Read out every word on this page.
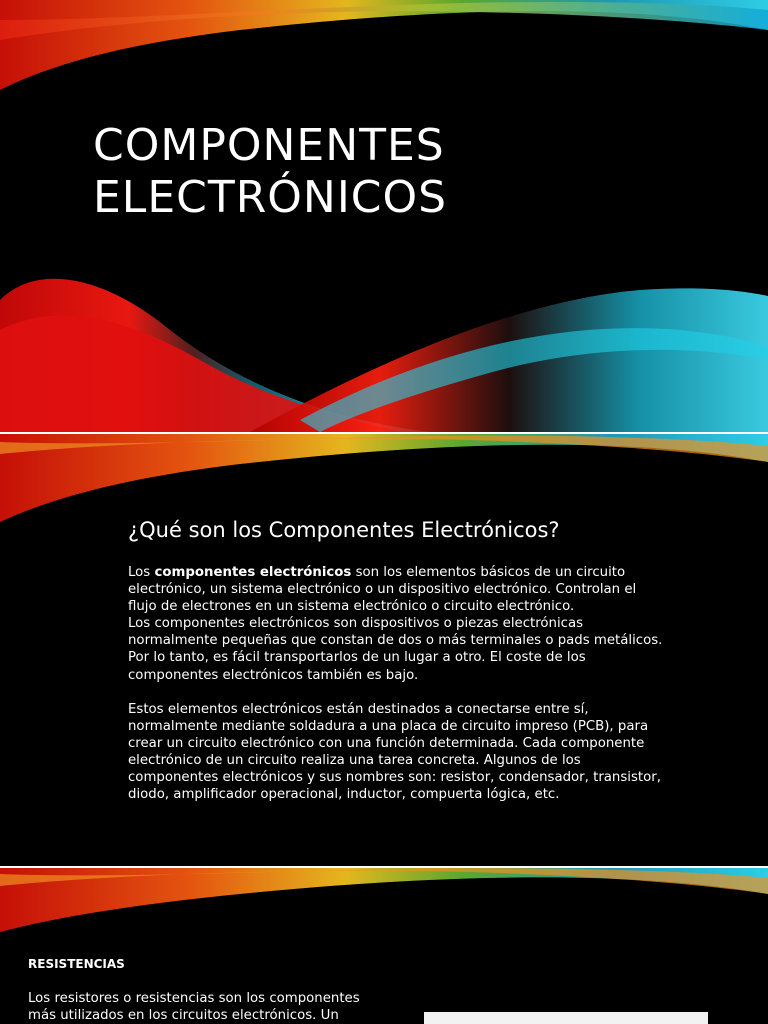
COMPONENTES
ELECTRÓNICOS
¿Qué son los Componentes Electrónicos?

Los componentes electrónicos son los elementos básicos de un circuito electrónico, un sistema electrónico o un dispositivo electrónico. Controlan el flujo de electrones en un sistema electrónico o circuito electrónico.

Los componentes electrónicos son dispositivos o piezas electrónicas normalmente pequeñas que constan de dos o más terminales o pads metálicos. Por lo tanto, es fácil transportarlos de un lugar a otro. El coste de los componentes electrónicos también es bajo.

Estos elementos electrónicos están destinados a conectarse entre sí, normalmente mediante soldadura a una placa de circuito impreso (PCB), para crear un circuito electrónico con una función determinada. Cada componente electrónico de un circuito realiza una tarea concreta. Algunos de los componentes electrónicos y sus nombres son: resistor, condensador, transistor, diodo, amplificador operacional, inductor, compuerta lógica, etc.

RESISTENCIAS

Los resistores o resistencias son los componentes más utilizados en los circuitos electrónicos. Un
